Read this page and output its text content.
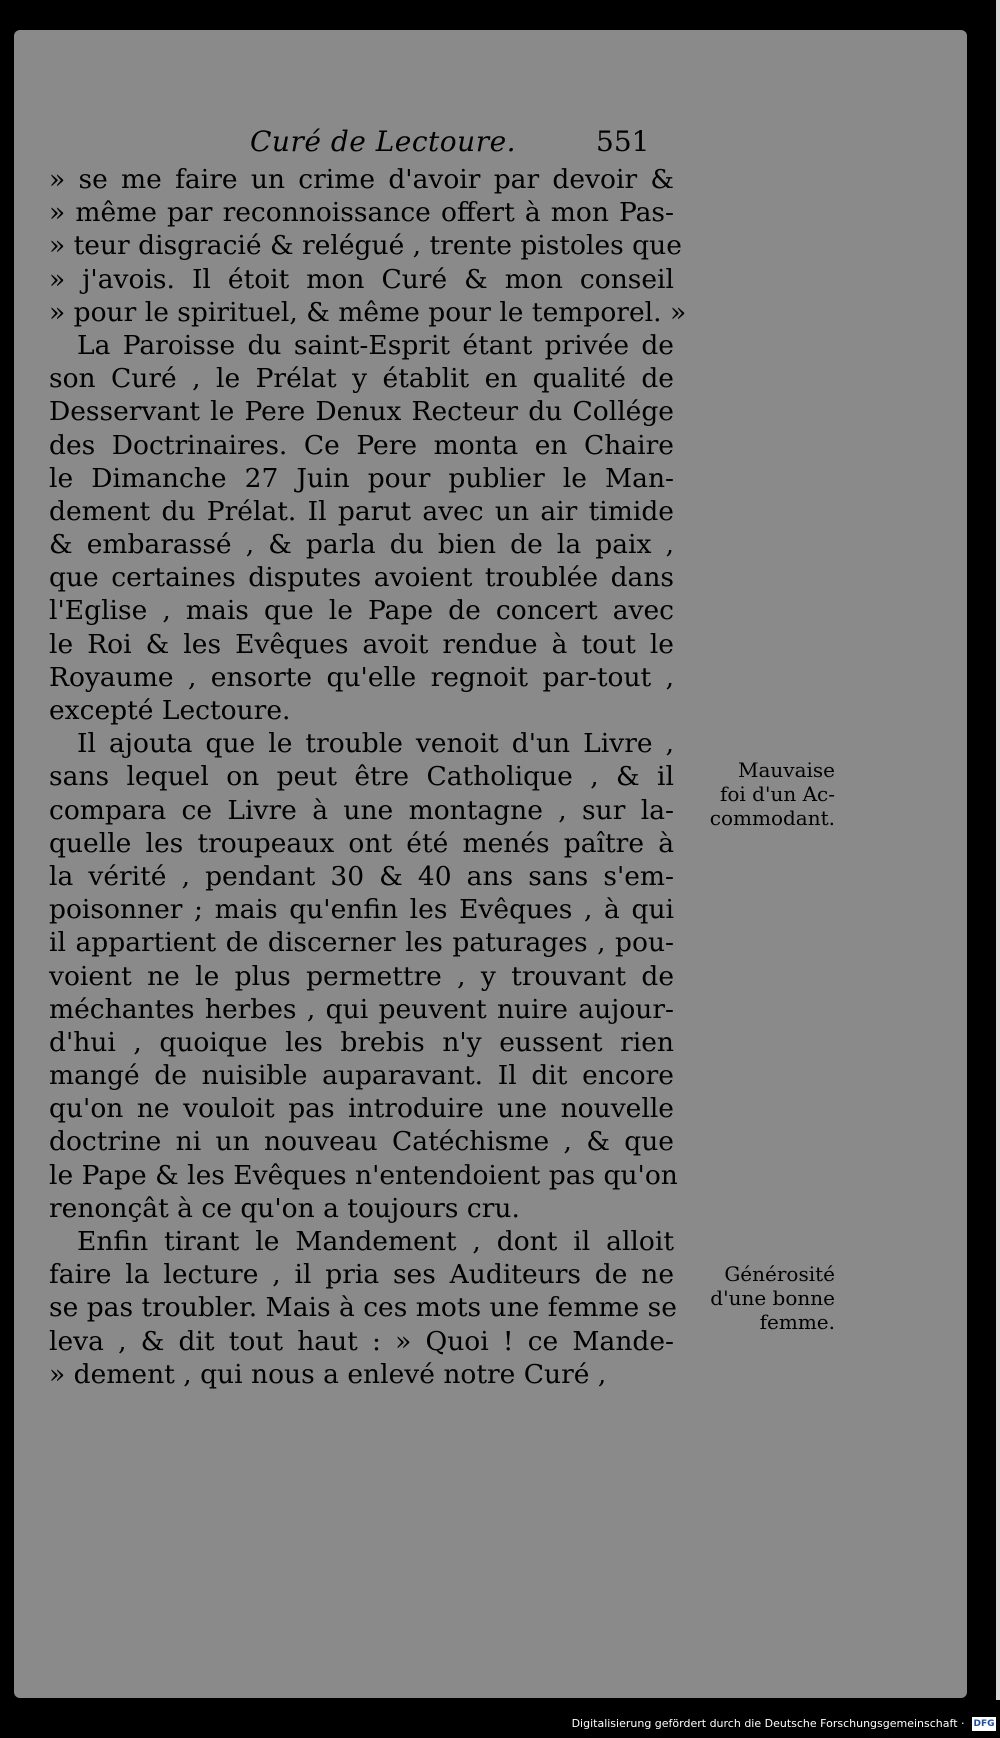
Curé de Lectoure.	551
» se me faire un crime d'avoir par devoir &
» même par reconnoissance offert à mon Pas-
» teur disgracié & relégué , trente pistoles que
» j'avois. Il étoit mon Curé & mon conseil
» pour le spirituel, & même pour le temporel. »
La Paroisse du saint-Esprit étant privée de
son Curé , le Prélat y établit en qualité de
Desservant le Pere Denux Recteur du Collége
des Doctrinaires. Ce Pere monta en Chaire
le Dimanche 27 Juin pour publier le Man-
dement du Prélat. Il parut avec un air timide
& embarassé , & parla du bien de la paix ,
que certaines disputes avoient troublée dans
l'Eglise , mais que le Pape de concert avec
le Roi & les Evêques avoit rendue à tout le
Royaume , ensorte qu'elle regnoit par-tout ,
excepté Lectoure.
Il ajouta que le trouble venoit d'un Livre ,
sans lequel on peut être Catholique , & il
compara ce Livre à une montagne , sur la-
quelle les troupeaux ont été menés paître à
la vérité , pendant 30 & 40 ans sans s'em-
poisonner ; mais qu'enfin les Evêques , à qui
il appartient de discerner les paturages , pou-
voient ne le plus permettre , y trouvant de
méchantes herbes , qui peuvent nuire aujour-
d'hui , quoique les brebis n'y eussent rien
mangé de nuisible auparavant. Il dit encore
qu'on ne vouloit pas introduire une nouvelle
doctrine ni un nouveau Catéchisme , & que
le Pape & les Evêques n'entendoient pas qu'on
renonçât à ce qu'on a toujours cru.
Enfin tirant le Mandement , dont il alloit
faire la lecture , il pria ses Auditeurs de ne
se pas troubler. Mais à ces mots une femme se
leva , & dit tout haut : » Quoi ! ce Mande-
» dement , qui nous a enlevé notre Curé ,
Mauvaise
foi d'un Ac-
commodant.
Générosité
d'une bonne
femme.
Digitalisierung gefördert durch die Deutsche Forschungsgemeinschaft · DFG
